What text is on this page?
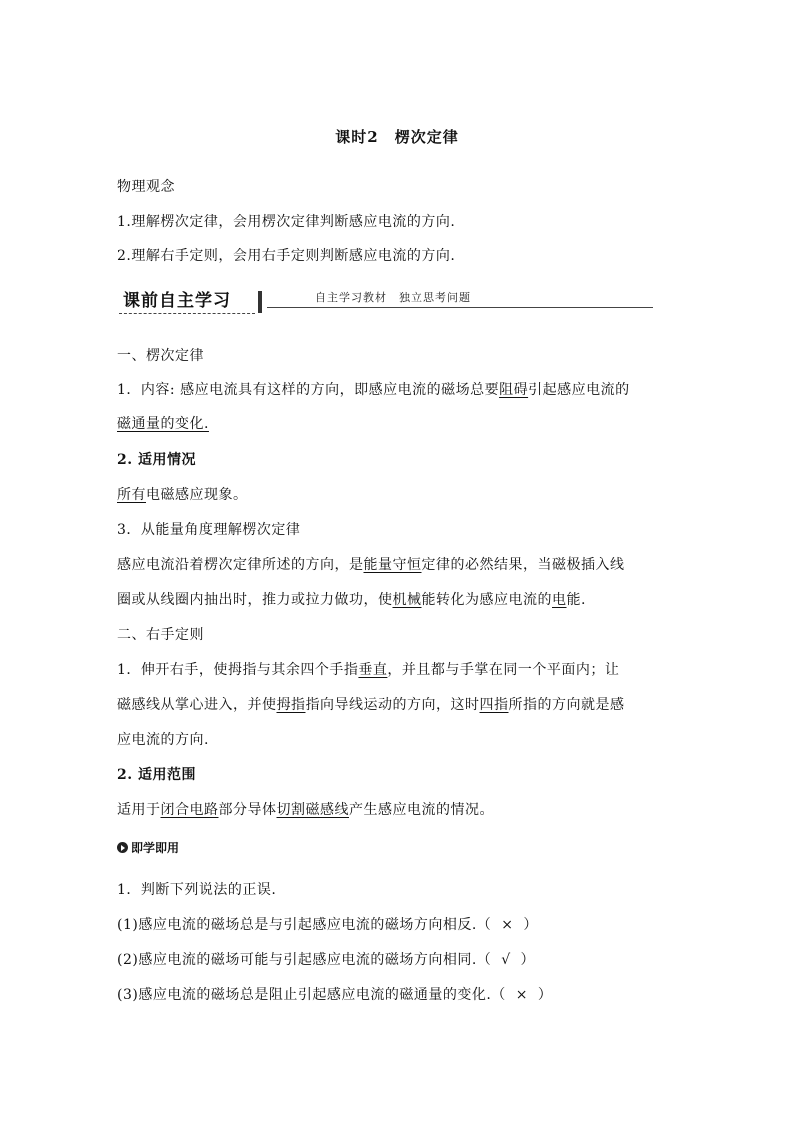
课时2　楞次定律
物理观念
1.理解楞次定律，会用楞次定律判断感应电流的方向.
2.理解右手定则，会用右手定则判断感应电流的方向.
课前自主学习	自主学习教材　独立思考问题
一、楞次定律
1．内容: 感应电流具有这样的方向，即感应电流的磁场总要阻碍引起感应电流的
磁通量的变化.
2. 适用情况
所有电磁感应现象。
3．从能量角度理解楞次定律
感应电流沿着楞次定律所述的方向，是能量守恒定律的必然结果，当磁极插入线
圈或从线圈内抽出时，推力或拉力做功，使机械能转化为感应电流的电能.
二、右手定则
1．伸开右手，使拇指与其余四个手指垂直，并且都与手掌在同一个平面内；让
磁感线从掌心进入，并使拇指指向导线运动的方向，这时四指所指的方向就是感
应电流的方向.
2. 适用范围
适用于闭合电路部分导体切割磁感线产生感应电流的情况。
即学即用
1．判断下列说法的正误.
(1)感应电流的磁场总是与引起感应电流的磁场方向相反.（ × ）
(2)感应电流的磁场可能与引起感应电流的磁场方向相同.（ √ ）
(3)感应电流的磁场总是阻止引起感应电流的磁通量的变化.（ × ）
